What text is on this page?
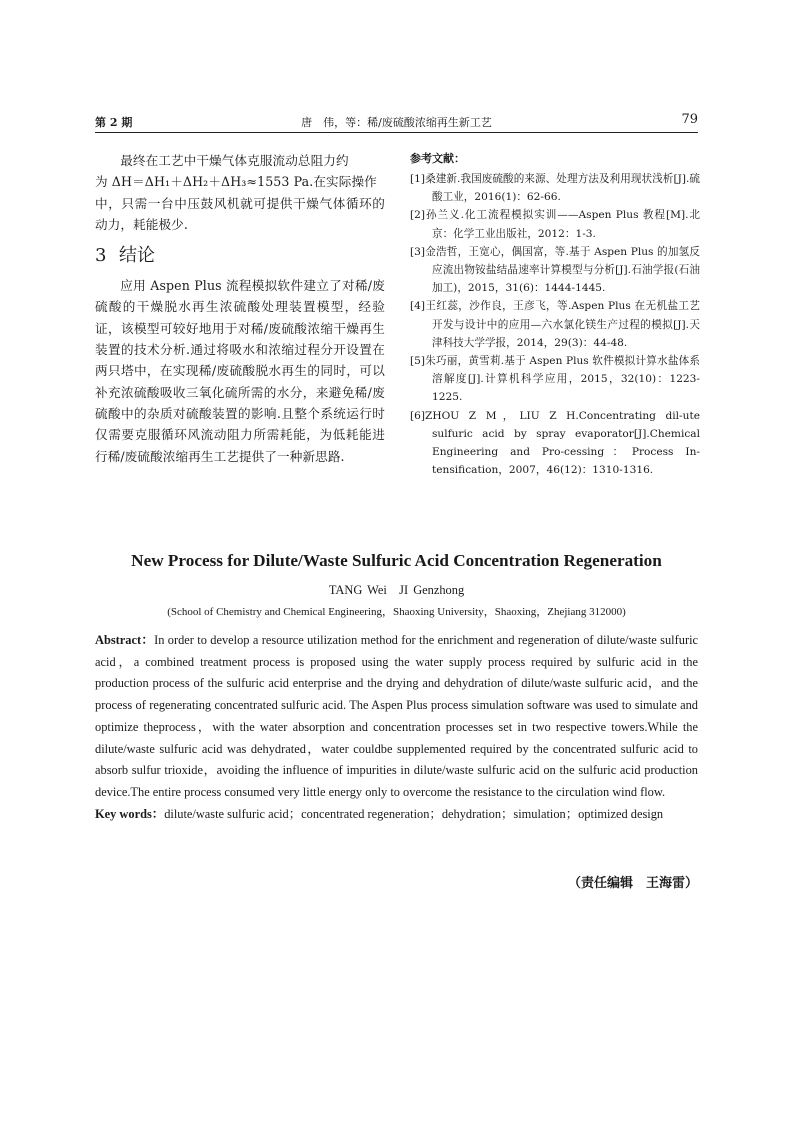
第 2 期	唐　伟，等：稀/废硫酸浓缩再生新工艺	79

最终在工艺中干燥气体克服流动总阻力约

为 ΔH＝ΔH₁＋ΔH₂＋ΔH₃≈1553 Pa.在实际操作

中，只需一台中压鼓风机就可提供干燥气体循环的动力，耗能极少.

3 结论

应用 Aspen Plus 流程模拟软件建立了对稀/废硫酸的干燥脱水再生浓硫酸处理装置模型，经验证，该模型可较好地用于对稀/废硫酸浓缩干燥再生装置的技术分析.通过将吸水和浓缩过程分开设置在两只塔中，在实现稀/废硫酸脱水再生的同时，可以补充浓硫酸吸收三氧化硫所需的水分，来避免稀/废硫酸中的杂质对硫酸装置的影响.且整个系统运行时仅需要克服循环风流动阻力所需耗能，为低耗能进行稀/废硫酸浓缩再生工艺提供了一种新思路.

参考文献：
[1]桑建新.我国废硫酸的来源、处理方法及利用现状浅析[J].硫酸工业，2016(1)：62-66.
[2]孙兰义.化工流程模拟实训——Aspen Plus 教程[M].北京：化学工业出版社，2012：1-3.
[3]金浩哲，王宽心，偶国富，等.基于 Aspen Plus 的加氢反应流出物铵盐结晶速率计算模型与分析[J].石油学报(石油加工)，2015，31(6)：1444-1445.
[4]王红蕊，沙作良，王彦飞，等.Aspen Plus 在无机盐工艺开发与设计中的应用—六水氯化镁生产过程的模拟[J].天津科技大学学报，2014，29(3)：44-48.
[5]朱巧丽，黄雪莉.基于 Aspen Plus 软件模拟计算水盐体系溶解度[J].计算机科学应用，2015，32(10)：1223-1225.
[6]ZHOU Z M，LIU Z H.Concentrating dil-ute sulfuric acid by spray evaporator[J].Chemical Engineering and Pro-cessing：Process In-tensification，2007，46(12)：1310-1316.
New Process for Dilute/Waste Sulfuric Acid Concentration Regeneration

TANG Wei　JI Genzhong

(School of Chemistry and Chemical Engineering，Shaoxing University，Shaoxing，Zhejiang 312000)

Abstract：In order to develop a resource utilization method for the enrichment and regeneration of dilute/waste sulfuric acid，a combined treatment process is proposed using the water supply process required by sulfuric acid in the production process of the sulfuric acid enterprise and the drying and dehydration of dilute/waste sulfuric acid，and the process of regenerating concentrated sulfuric acid. The Aspen Plus process simulation software was used to simulate and optimize theprocess，with the water absorption and concentration processes set in two respective towers.While the dilute/waste sulfuric acid was dehydrated，water couldbe supplemented required by the concentrated sulfuric acid to absorb sulfur trioxide，avoiding the influence of impurities in dilute/waste sulfuric acid on the sulfuric acid production device.The entire process consumed very little energy only to overcome the resistance to the circulation wind flow.

Key words：dilute/waste sulfuric acid；concentrated regeneration；dehydration；simulation；optimized design

（责任编辑　王海雷）
